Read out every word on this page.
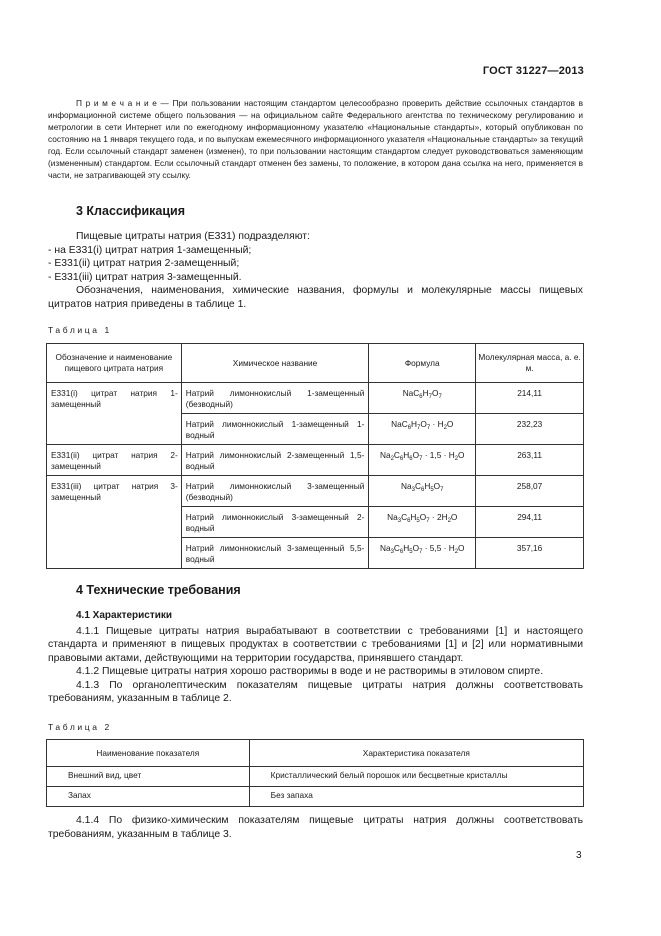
ГОСТ 31227—2013
П р и м е ч а н и е — При пользовании настоящим стандартом целесообразно проверить действие ссылочных стандартов в информационной системе общего пользования — на официальном сайте Федерального агентства по техническому регулированию и метрологии в сети Интернет или по ежегодному информационному указателю «Национальные стандарты», который опубликован по состоянию на 1 января текущего года, и по выпускам ежемесячного информационного указателя «Национальные стандарты» за текущий год. Если ссылочный стандарт заменен (изменен), то при пользовании настоящим стандартом следует руководствоваться заменяющим (измененным) стандартом. Если ссылочный стандарт отменен без замены, то положение, в котором дана ссылка на него, применяется в части, не затрагивающей эту ссылку.
3 Классификация

Пищевые цитраты натрия (Е331) подразделяют:

- на Е331(i) цитрат натрия 1-замещенный;

- Е331(ii) цитрат натрия 2-замещенный;

- Е331(iii) цитрат натрия 3-замещенный.

Обозначения, наименования, химические названия, формулы и молекулярные массы пищевых цитратов натрия приведены в таблице 1.

Таблица 1
Обозначение и наименование пищевого цитрата натрия	Химическое название	Формула	Молекулярная масса, а. е. м.
Е331(i) цитрат натрия 1-замещенный	Натрий лимоннокислый 1-замещенный (безводный)	$NaC_6H_7O_7$	214,11
	Натрий лимоннокислый 1-замещенный 1-водный	$NaC_6H_7O_7 \cdot H_2O$	232,23
Е331(ii) цитрат натрия 2-замещенный	Натрий лимоннокислый 2-замещенный 1,5-водный	$Na_2C_6H_6O_7 \cdot 1,5 \cdot H_2O$	263,11
Е331(iii) цитрат натрия 3-замещенный	Натрий лимоннокислый 3-замещенный (безводный)	$Na_3C_6H_5O_7$	258,07
	Натрий лимоннокислый 3-замещенный 2-водный	$Na_3C_6H_5O_7 \cdot 2H_2O$	294,11
	Натрий лимоннокислый 3-замещенный 5,5-водный	$Na_3C_6H_5O_7 \cdot 5,5 \cdot H_2O$	357,16
4 Технические требования

4.1 Характеристики

4.1.1 Пищевые цитраты натрия вырабатывают в соответствии с требованиями [1] и настоящего стандарта и применяют в пищевых продуктах в соответствии с требованиями [1] и [2] или нормативными правовыми актами, действующими на территории государства, принявшего стандарт.

4.1.2 Пищевые цитраты натрия хорошо растворимы в воде и не растворимы в этиловом спирте.

4.1.3 По органолептическим показателям пищевые цитраты натрия должны соответствовать требованиям, указанным в таблице 2.

Таблица 2
Наименование показателя	Характеристика показателя
Внешний вид, цвет	Кристаллический белый порошок или бесцветные кристаллы
Запах	Без запаха

4.1.4 По физико-химическим показателям пищевые цитраты натрия должны соответствовать требованиям, указанным в таблице 3.

3
